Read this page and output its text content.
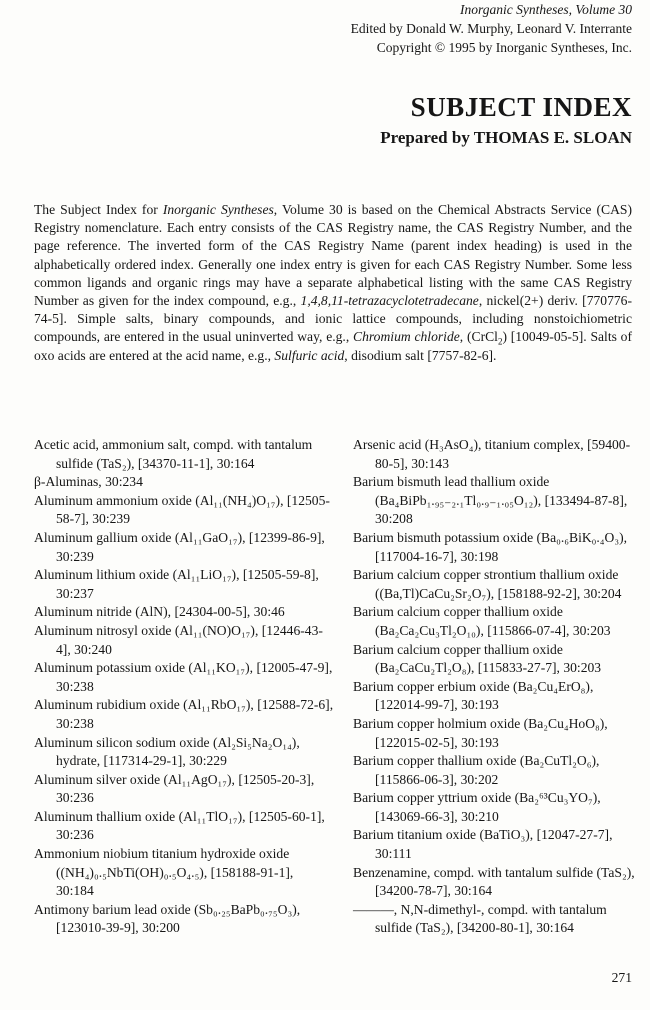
Inorganic Syntheses, Volume 30
Edited by Donald W. Murphy, Leonard V. Interrante
Copyright © 1995 by Inorganic Syntheses, Inc.
SUBJECT INDEX
Prepared by THOMAS E. SLOAN
The Subject Index for Inorganic Syntheses, Volume 30 is based on the Chemical Abstracts Service (CAS) Registry nomenclature. Each entry consists of the CAS Registry name, the CAS Registry Number, and the page reference. The inverted form of the CAS Registry Name (parent index heading) is used in the alphabetically ordered index. Generally one index entry is given for each CAS Registry Number. Some less common ligands and organic rings may have a separate alphabetical listing with the same CAS Registry Number as given for the index compound, e.g., 1,4,8,11-tetrazacyclotetradecane, nickel(2+) deriv. [770776-74-5]. Simple salts, binary compounds, and ionic lattice compounds, including nonstoichiometric compounds, are entered in the usual uninverted way, e.g., Chromium chloride, (CrCl$_2$) [10049-05-5]. Salts of oxo acids are entered at the acid name, e.g., Sulfuric acid, disodium salt [7757-82-6].
Acetic acid, ammonium salt, compd. with tantalum sulfide (TaS₂), [34370-11-1], 30:164
β-Aluminas, 30:234
Aluminum ammonium oxide (Al₁₁(NH₄)O₁₇), [12505-58-7], 30:239
Aluminum gallium oxide (Al₁₁GaO₁₇), [12399-86-9], 30:239
Aluminum lithium oxide (Al₁₁LiO₁₇), [12505-59-8], 30:237
Aluminum nitride (AlN), [24304-00-5], 30:46
Aluminum nitrosyl oxide (Al₁₁(NO)O₁₇), [12446-43-4], 30:240
Aluminum potassium oxide (Al₁₁KO₁₇), [12005-47-9], 30:238
Aluminum rubidium oxide (Al₁₁RbO₁₇), [12588-72-6], 30:238
Aluminum silicon sodium oxide (Al₂Si₅Na₂O₁₄), hydrate, [117314-29-1], 30:229
Aluminum silver oxide (Al₁₁AgO₁₇), [12505-20-3], 30:236
Aluminum thallium oxide (Al₁₁TlO₁₇), [12505-60-1], 30:236
Ammonium niobium titanium hydroxide oxide ((NH₄)₀.₅NbTi(OH)₀.₅O₄.₅), [158188-91-1], 30:184
Antimony barium lead oxide (Sb₀.₂₅BaPb₀.₇₅O₃), [123010-39-9], 30:200
Arsenic acid (H₃AsO₄), titanium complex, [59400-80-5], 30:143
Barium bismuth lead thallium oxide (Ba₄BiPb₁.₉₅₋₂.₁Tl₀.₉₋₁.₀₅O₁₂), [133494-87-8], 30:208
Barium bismuth potassium oxide (Ba₀.₆BiK₀.₄O₃), [117004-16-7], 30:198
Barium calcium copper strontium thallium oxide ((Ba,Tl)CaCu₂Sr₂O₇), [158188-92-2], 30:204
Barium calcium copper thallium oxide (Ba₂Ca₂Cu₃Tl₂O₁₀), [115866-07-4], 30:203
Barium calcium copper thallium oxide (Ba₂CaCu₂Tl₂O₈), [115833-27-7], 30:203
Barium copper erbium oxide (Ba₂Cu₄ErO₈), [122014-99-7], 30:193
Barium copper holmium oxide (Ba₂Cu₄HoO₈), [122015-02-5], 30:193
Barium copper thallium oxide (Ba₂CuTl₂O₆), [115866-06-3], 30:202
Barium copper yttrium oxide (Ba₂⁶³Cu₃YO₇), [143069-66-3], 30:210
Barium titanium oxide (BaTiO₃), [12047-27-7], 30:111
Benzenamine, compd. with tantalum sulfide (TaS₂), [34200-78-7], 30:164
———, N,N-dimethyl-, compd. with tantalum sulfide (TaS₂), [34200-80-1], 30:164
271
